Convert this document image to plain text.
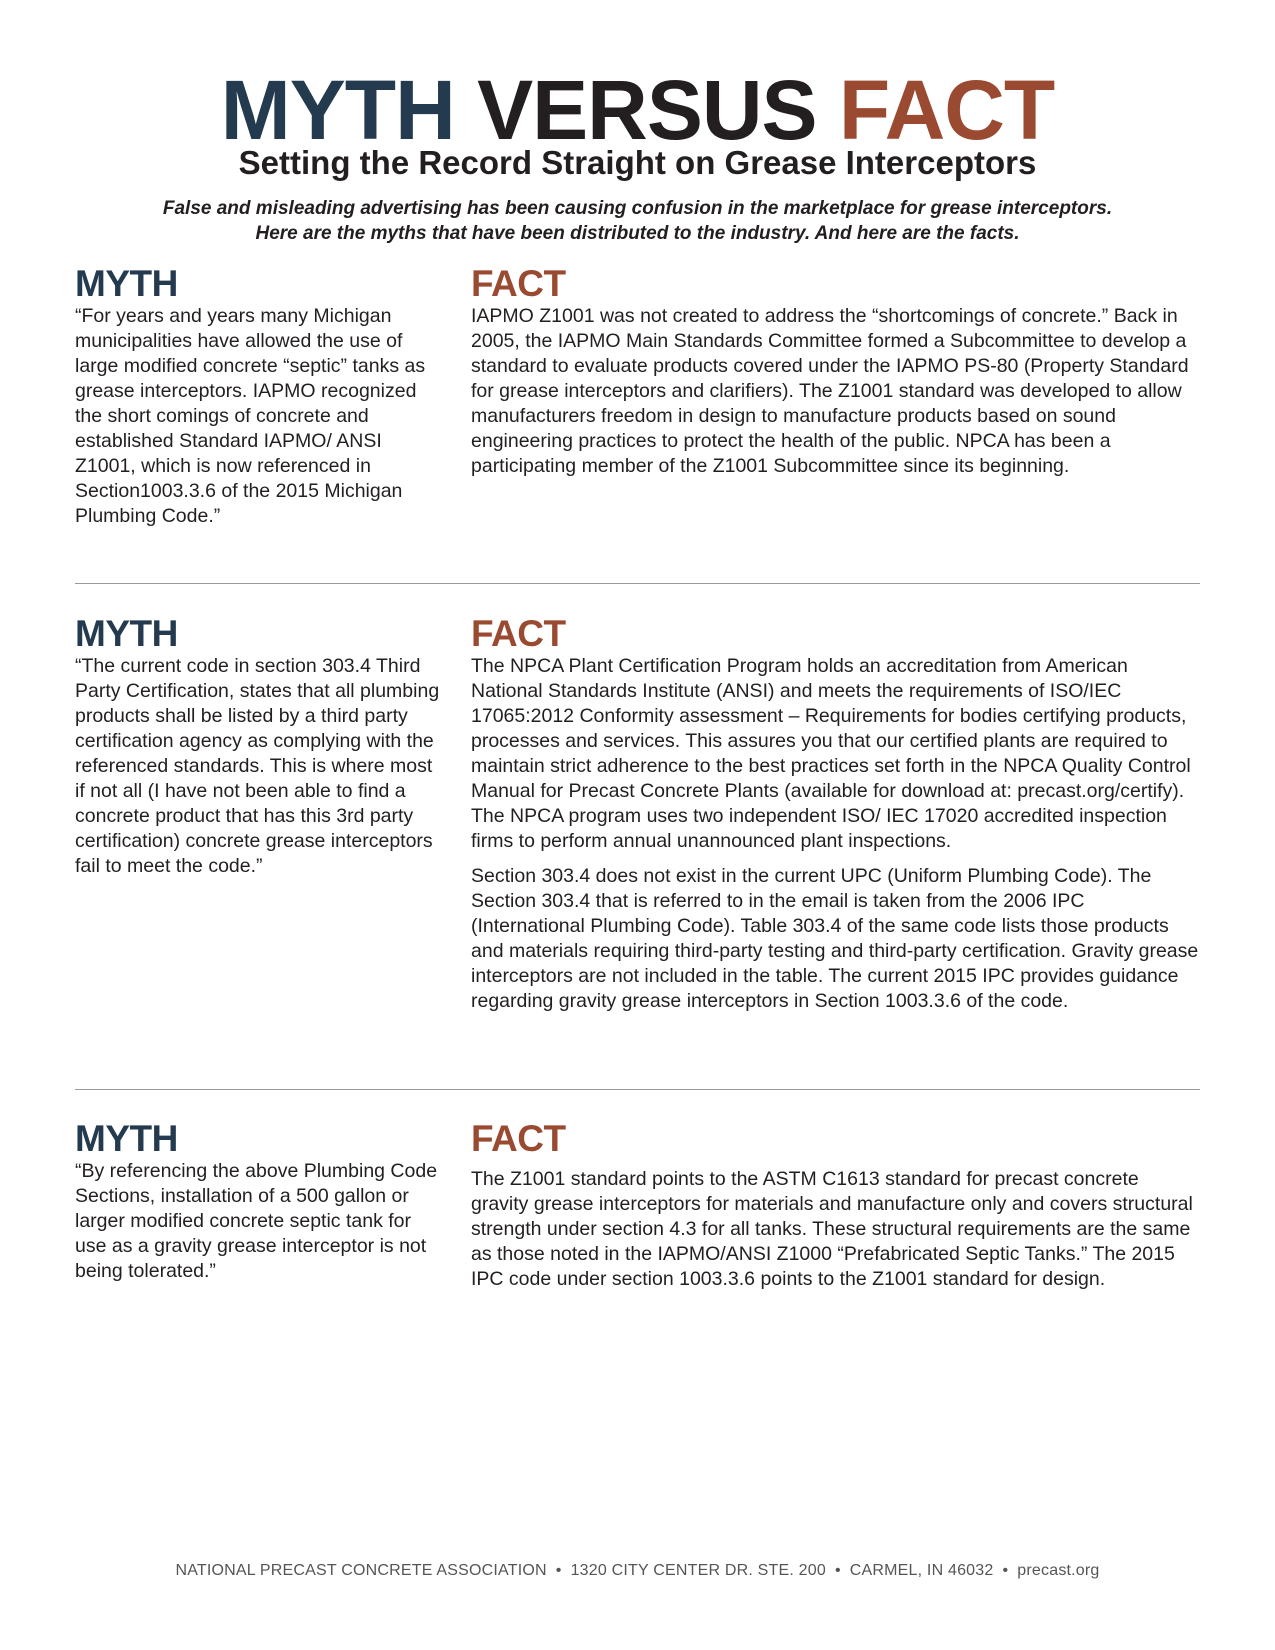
MYTH VERSUS FACT
Setting the Record Straight on Grease Interceptors
False and misleading advertising has been causing confusion in the marketplace for grease interceptors.
Here are the myths that have been distributed to the industry. And here are the facts.
MYTH

“For years and years many Michigan municipalities have allowed the use of large modified concrete “septic” tanks as grease interceptors. IAPMO recognized the short comings of concrete and established Standard IAPMO/ ANSI Z1001, which is now referenced in Section1003.3.6 of the 2015 Michigan Plumbing Code.”

FACT

IAPMO Z1001 was not created to address the “shortcomings of concrete.” Back in 2005, the IAPMO Main Standards Committee formed a Subcommittee to develop a standard to evaluate products covered under the IAPMO PS-80 (Property Standard for grease interceptors and clarifiers). The Z1001 standard was developed to allow manufacturers freedom in design to manufacture products based on sound engineering practices to protect the health of the public. NPCA has been a participating member of the Z1001 Subcommittee since its beginning.

MYTH

“The current code in section 303.4 Third Party Certification, states that all plumbing products shall be listed by a third party certification agency as complying with the referenced standards. This is where most if not all (I have not been able to find a concrete product that has this 3rd party certification) concrete grease interceptors fail to meet the code.”

FACT

The NPCA Plant Certification Program holds an accreditation from American National Standards Institute (ANSI) and meets the requirements of ISO/IEC 17065:2012 Conformity assessment – Requirements for bodies certifying products, processes and services. This assures you that our certified plants are required to maintain strict adherence to the best practices set forth in the NPCA Quality Control Manual for Precast Concrete Plants (available for download at: precast.org/certify). The NPCA program uses two independent ISO/ IEC 17020 accredited inspection firms to perform annual unannounced plant inspections.

Section 303.4 does not exist in the current UPC (Uniform Plumbing Code). The Section 303.4 that is referred to in the email is taken from the 2006 IPC (International Plumbing Code). Table 303.4 of the same code lists those products and materials requiring third-party testing and third-party certification. Gravity grease interceptors are not included in the table. The current 2015 IPC provides guidance regarding gravity grease interceptors in Section 1003.3.6 of the code.

MYTH

“By referencing the above Plumbing Code Sections, installation of a 500 gallon or larger modified concrete septic tank for use as a gravity grease interceptor is not being tolerated.”

FACT

The Z1001 standard points to the ASTM C1613 standard for precast concrete gravity grease interceptors for materials and manufacture only and covers structural strength under section 4.3 for all tanks. These structural requirements are the same as those noted in the IAPMO/ANSI Z1000 “Prefabricated Septic Tanks.” The 2015 IPC code under section 1003.3.6 points to the Z1001 standard for design.

NATIONAL PRECAST CONCRETE ASSOCIATION • 1320 CITY CENTER DR. STE. 200 • CARMEL, IN 46032 • precast.org
